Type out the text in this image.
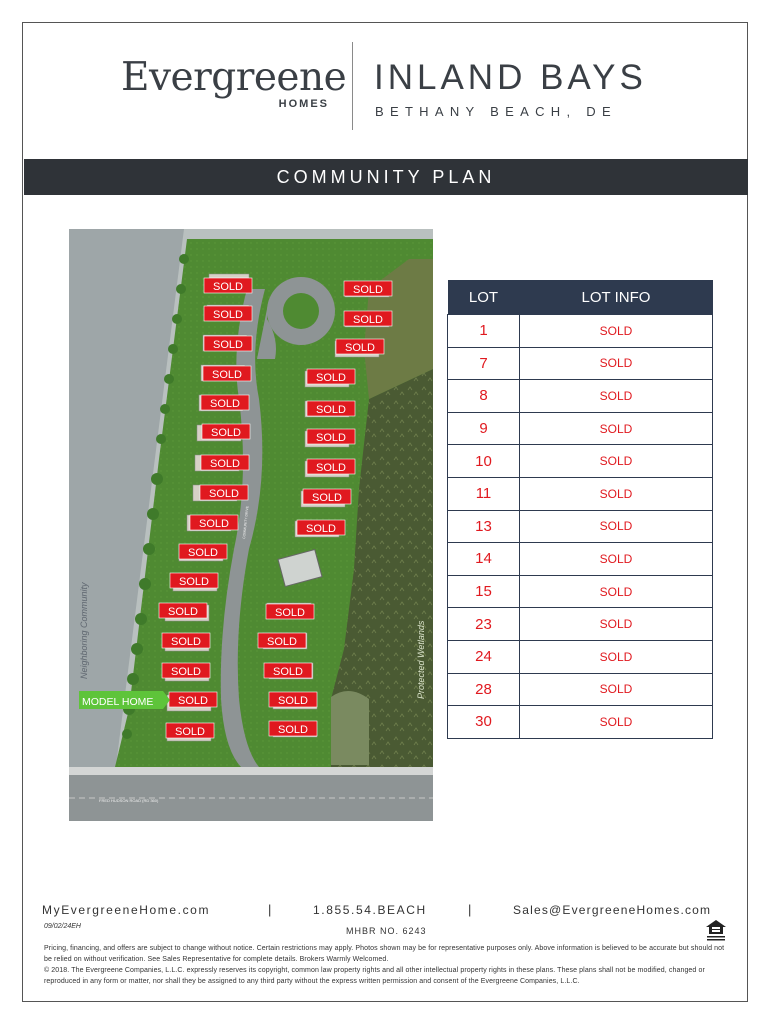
Evergreene
HOMES
INLAND BAYS
BETHANY BEACH, DE
COMMUNITY PLAN
Neighboring Community	Protected Wetlands
FRED HUDSON ROAD (RD 360)
COMMUNITY DRIVE
SOLD
SOLD
SOLD
SOLD
SOLD
SOLD
SOLD
SOLD
SOLD
SOLD
SOLD
SOLD
SOLD
SOLD
SOLD
SOLD
SOLD
SOLD
SOLD
SOLD
SOLD
SOLD
SOLD
SOLD
SOLD
SOLD
SOLD
SOLD
SOLD
SOLD
MODEL HOME
LOT	LOT INFO
1	SOLD
7	SOLD
8	SOLD
9	SOLD
10	SOLD
11	SOLD
13	SOLD
14	SOLD
15	SOLD
23	SOLD
24	SOLD
28	SOLD
30	SOLD
MyEvergreeneHome.com	|	1.855.54.BEACH	|	Sales@EvergreeneHomes.com
09/02/24EH	MHBR NO. 6243

Pricing, financing, and offers are subject to change without notice. Certain restrictions may apply. Photos shown may be for representative purposes only. Above information is believed to be accurate but should not be relied on without verification. See Sales Representative for complete details. Brokers Warmly Welcomed.

© 2018. The Evergreene Companies, L.L.C. expressly reserves its copyright, common law property rights and all other intellectual property rights in these plans. These plans shall not be modified, changed or reproduced in any form or matter, nor shall they be assigned to any third party without the express written permission and consent of the Evergreene Companies, L.L.C.
